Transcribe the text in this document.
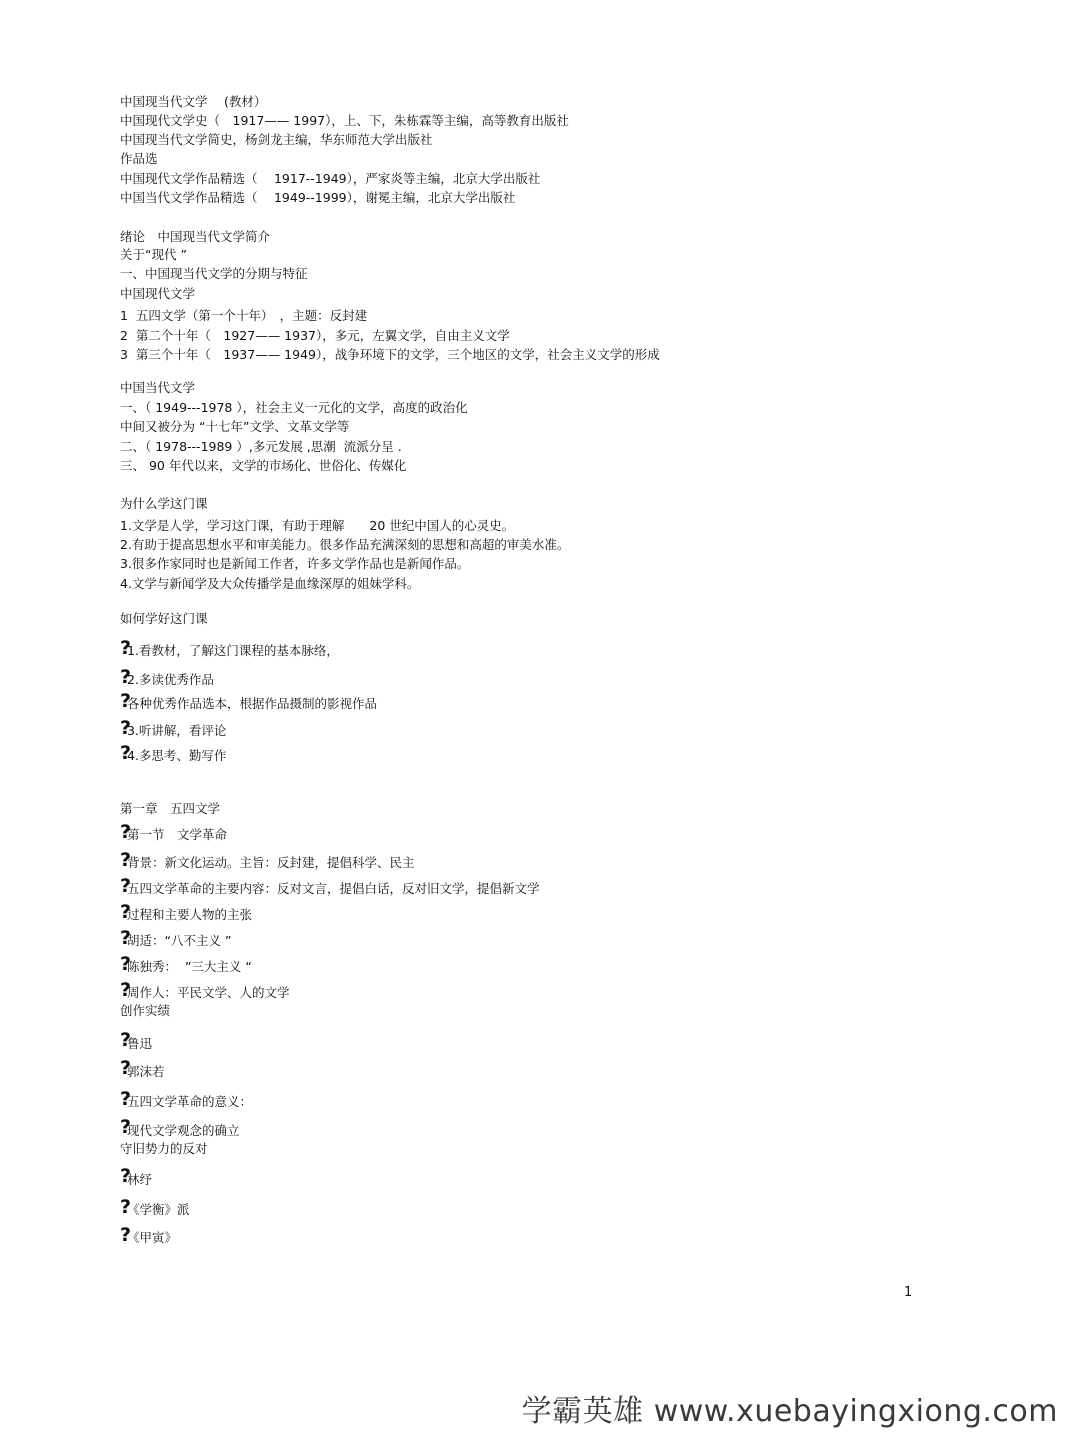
中国现当代文学　 (教材）
中国现代文学史（　1917—— 1997），上、下，朱栋霖等主编，高等教育出版社
中国现当代文学简史，杨剑龙主编，华东师范大学出版社
作品选
中国现代文学作品精选（　 1917--1949），严家炎等主编，北京大学出版社
中国当代文学作品精选（　 1949--1999），谢冕主编，北京大学出版社
绪论　中国现当代文学简介
关于“现代 ”
一、中国现当代文学的分期与特征
中国现代文学
1  五四文学（第一个十年）　，主题：反封建
2  第二个十年（　1927—— 1937），多元，左翼文学，自由主义文学
3  第三个十年（　1937—— 1949），战争环境下的文学，三个地区的文学，社会主义文学的形成
中国当代文学
一、（ 1949---1978 ），社会主义一元化的文学，高度的政治化
中间又被分为 “十七年”文学、文革文学等
二、（ 1978---1989 ）,多元发展 ,思潮  流派分呈 .
三、 90 年代以来，文学的市场化、世俗化、传媒化
为什么学这门课
1.文学是人学，学习这门课，有助于理解　　20 世纪中国人的心灵史。
2.有助于提高思想水平和审美能力。很多作品充满深刻的思想和高超的审美水准。
3.很多作家同时也是新闻工作者，许多文学作品也是新闻作品。
4.文学与新闻学及大众传播学是血缘深厚的姐妹学科。
如何学好这门课
?
1.看教材，了解这门课程的基本脉络，
?
2.多读优秀作品
?
各种优秀作品选本，根据作品摄制的影视作品
?
3.听讲解，看评论
?
4.多思考、勤写作
第一章　五四文学
?
第一节　文学革命
?
背景：新文化运动。主旨：反封建，提倡科学、民主
?
五四文学革命的主要内容：反对文言，提倡白话，反对旧文学，提倡新文学
?
过程和主要人物的主张
?
胡适：“八不主义 ”
?
陈独秀：  ”三大主义 “
?
周作人：平民文学、人的文学
创作实绩
?
鲁迅
?
郭沫若
?
五四文学革命的意义：
?
现代文学观念的确立
守旧势力的反对
?
林纾
?
《学衡》派
?
《甲寅》
1
学霸英雄 www.xuebayingxiong.com
